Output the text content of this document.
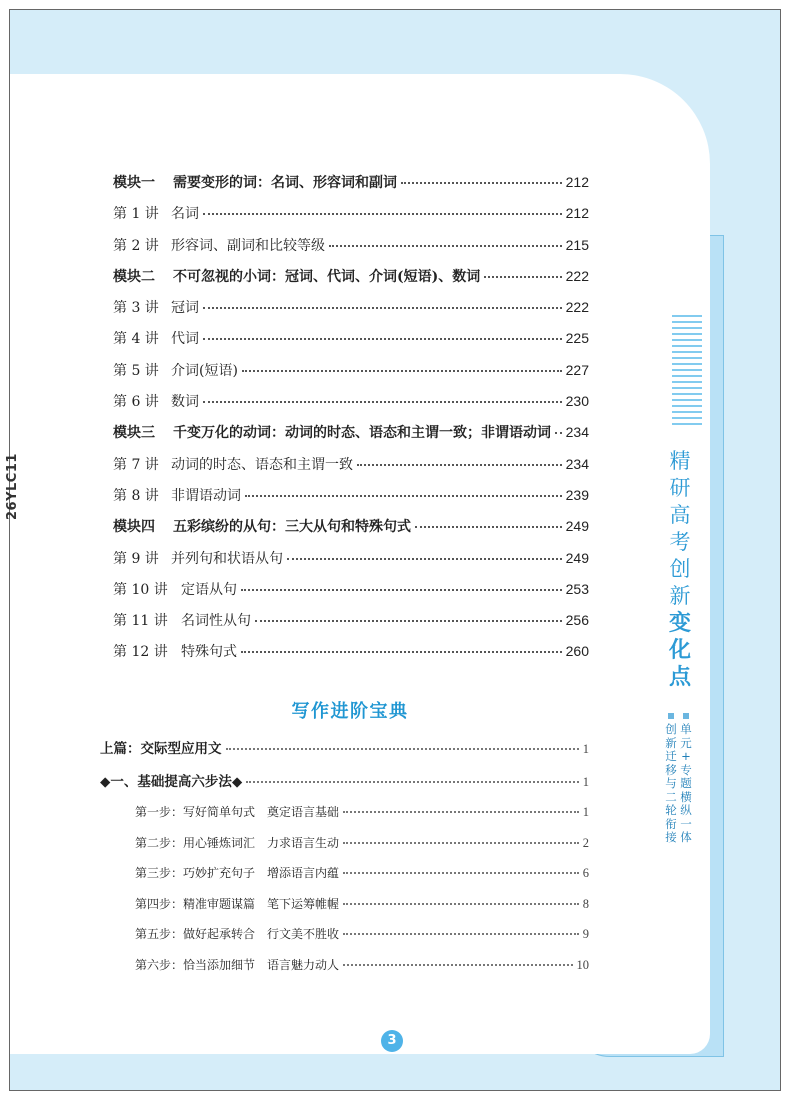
26YLC11	精
研
高
考
创
新
变
化
点
单
元
+
专
题
横
纵
一
体
创
新
迁
移
与
二
轮
衔
接
模块一 需要变形的词：名词、形容词和副词	212
第 1 讲 名词	212
第 2 讲 形容词、副词和比较等级	215
模块二 不可忽视的小词：冠词、代词、介词(短语)、数词	222
第 3 讲 冠词	222
第 4 讲 代词	225
第 5 讲 介词(短语)	227
第 6 讲 数词	230
模块三 千变万化的动词：动词的时态、语态和主谓一致；非谓语动词 234
第 7 讲 动词的时态、语态和主谓一致	234
第 8 讲 非谓语动词	239
模块四 五彩缤纷的从句：三大从句和特殊句式	249
第 9 讲 并列句和状语从句	249
第 10 讲 定语从句	253
第 11 讲 名词性从句	256
第 12 讲 特殊句式	260
写作进阶宝典
上篇：交际型应用文	1
◆一、基础提高六步法◆	1
第一步：写好简单句式 奠定语言基础	1
第二步：用心锤炼词汇 力求语言生动	2
第三步：巧妙扩充句子 增添语言内蕴	6
第四步：精准审题谋篇 笔下运筹帷幄	8
第五步：做好起承转合 行文美不胜收	9
第六步：恰当添加细节 语言魅力动人	10
3
